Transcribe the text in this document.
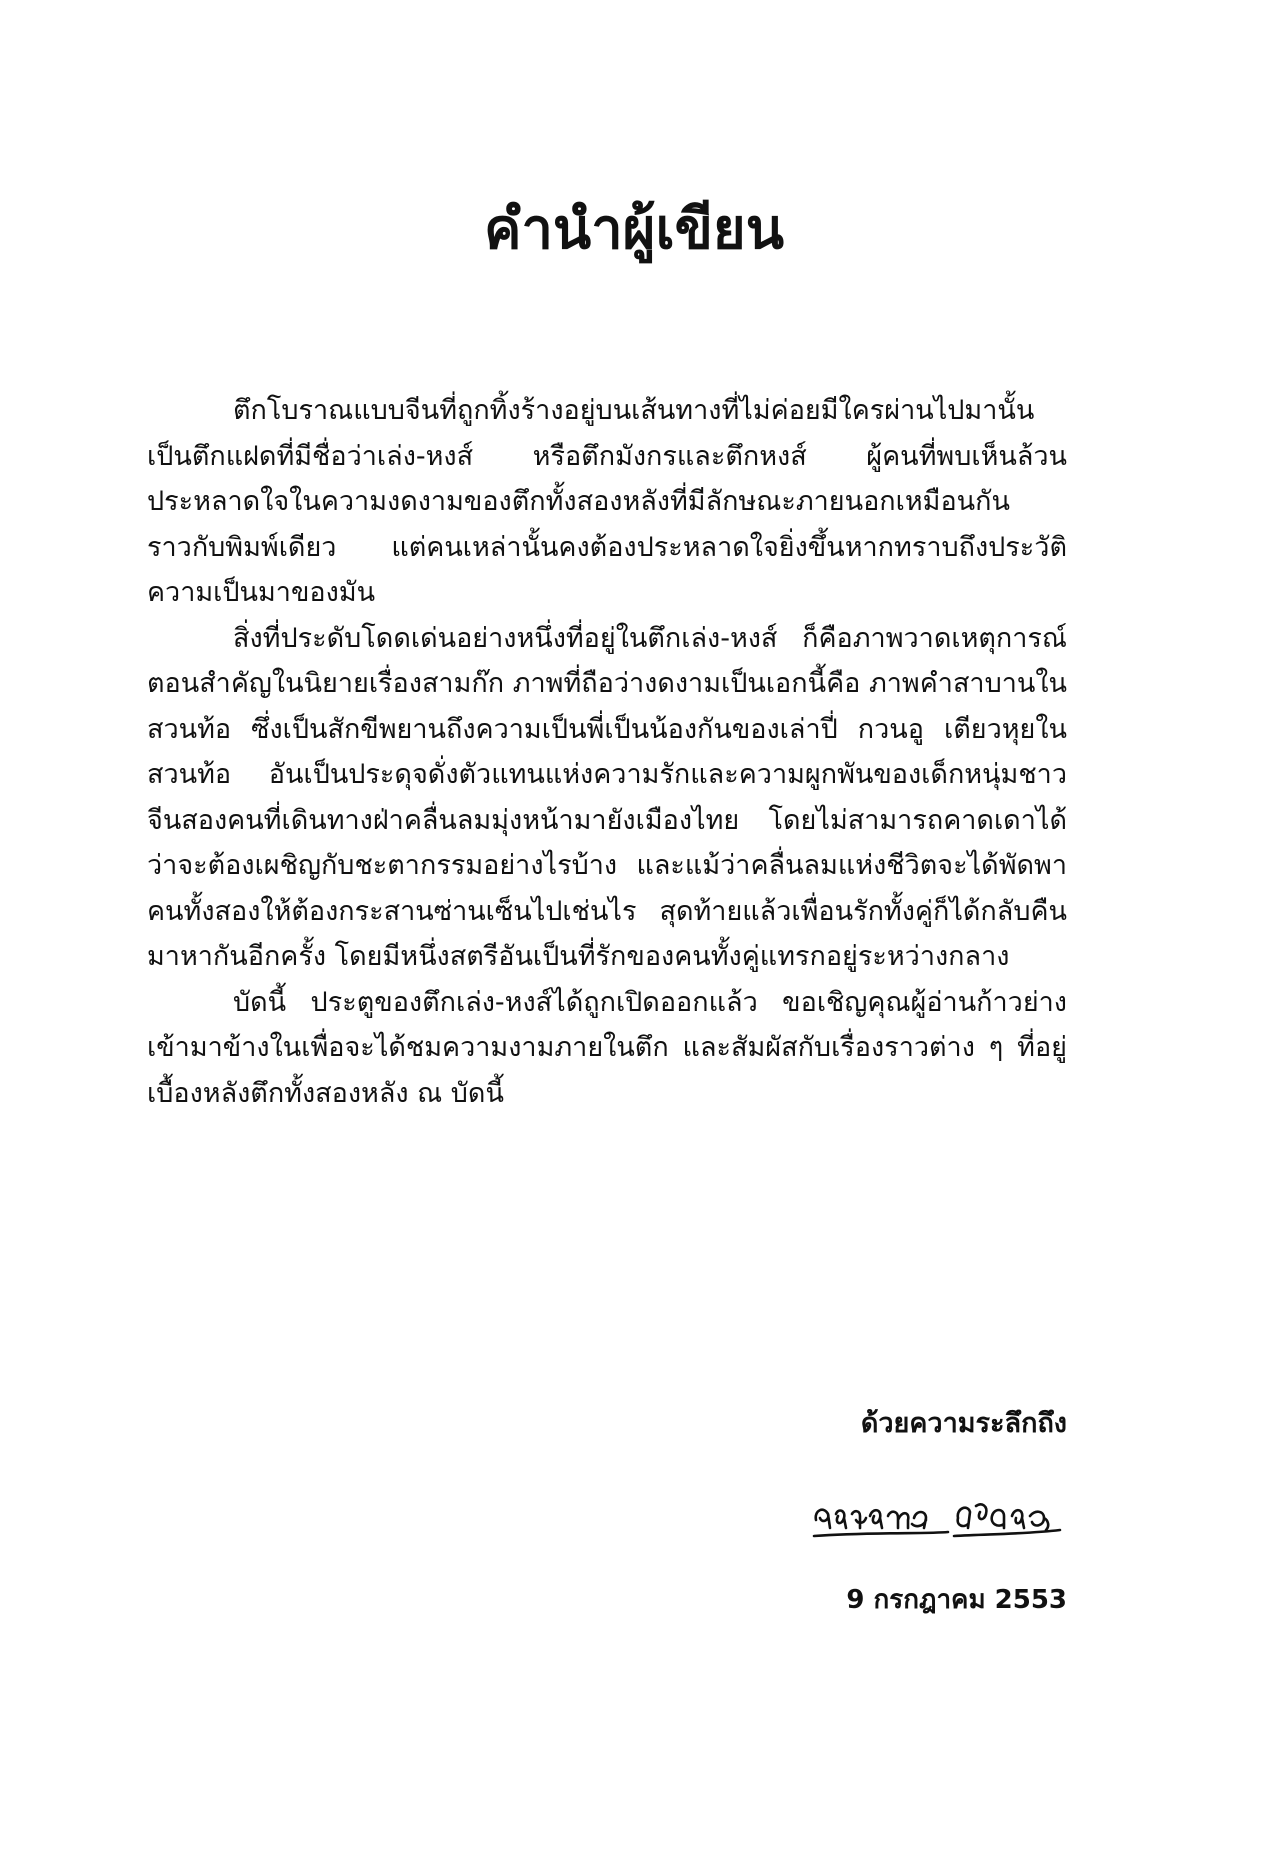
คำนำผู้เขียน

ตึกโบราณแบบจีนที่ถูกทิ้งร้างอยู่บนเส้นทางที่ไม่ค่อยมีใครผ่านไปมานั้น เป็นตึกแฝดที่มีชื่อว่าเล่ง-หงส์ หรือตึกมังกรและตึกหงส์ ผู้คนที่พบเห็นล้วนประหลาดใจในความงดงามของตึกทั้งสองหลังที่มีลักษณะภายนอกเหมือนกันราวกับพิมพ์เดียว แต่คนเหล่านั้นคงต้องประหลาดใจยิ่งขึ้นหากทราบถึงประวัติความเป็นมาของมัน

สิ่งที่ประดับโดดเด่นอย่างหนึ่งที่อยู่ในตึกเล่ง-หงส์ ก็คือภาพวาดเหตุการณ์ตอนสำคัญในนิยายเรื่องสามก๊ก ภาพที่ถือว่างดงามเป็นเอกนี้คือ ภาพคำสาบานในสวนท้อ ซึ่งเป็นสักขีพยานถึงความเป็นพี่เป็นน้องกันของเล่าปี่ กวนอู เตียวหุยในสวนท้อ อันเป็นประดุจดั่งตัวแทนแห่งความรักและความผูกพันของเด็กหนุ่มชาวจีนสองคนที่เดินทางฝ่าคลื่นลมมุ่งหน้ามายังเมืองไทย โดยไม่สามารถคาดเดาได้ว่าจะต้องเผชิญกับชะตากรรมอย่างไรบ้าง และแม้ว่าคลื่นลมแห่งชีวิตจะได้พัดพาคนทั้งสองให้ต้องกระสานซ่านเซ็นไปเช่นไร สุดท้ายแล้วเพื่อนรักทั้งคู่ก็ได้กลับคืนมาหากันอีกครั้ง โดยมีหนึ่งสตรีอันเป็นที่รักของคนทั้งคู่แทรกอยู่ระหว่างกลาง

บัดนี้ ประตูของตึกเล่ง-หงส์ได้ถูกเปิดออกแล้ว ขอเชิญคุณผู้อ่านก้าวย่างเข้ามาข้างในเพื่อจะได้ชมความงามภายในตึก และสัมผัสกับเรื่องราวต่าง ๆ ที่อยู่เบื้องหลังตึกทั้งสองหลัง ณ บัดนี้

ด้วยความระลึกถึง
9 กรกฎาคม 2553
